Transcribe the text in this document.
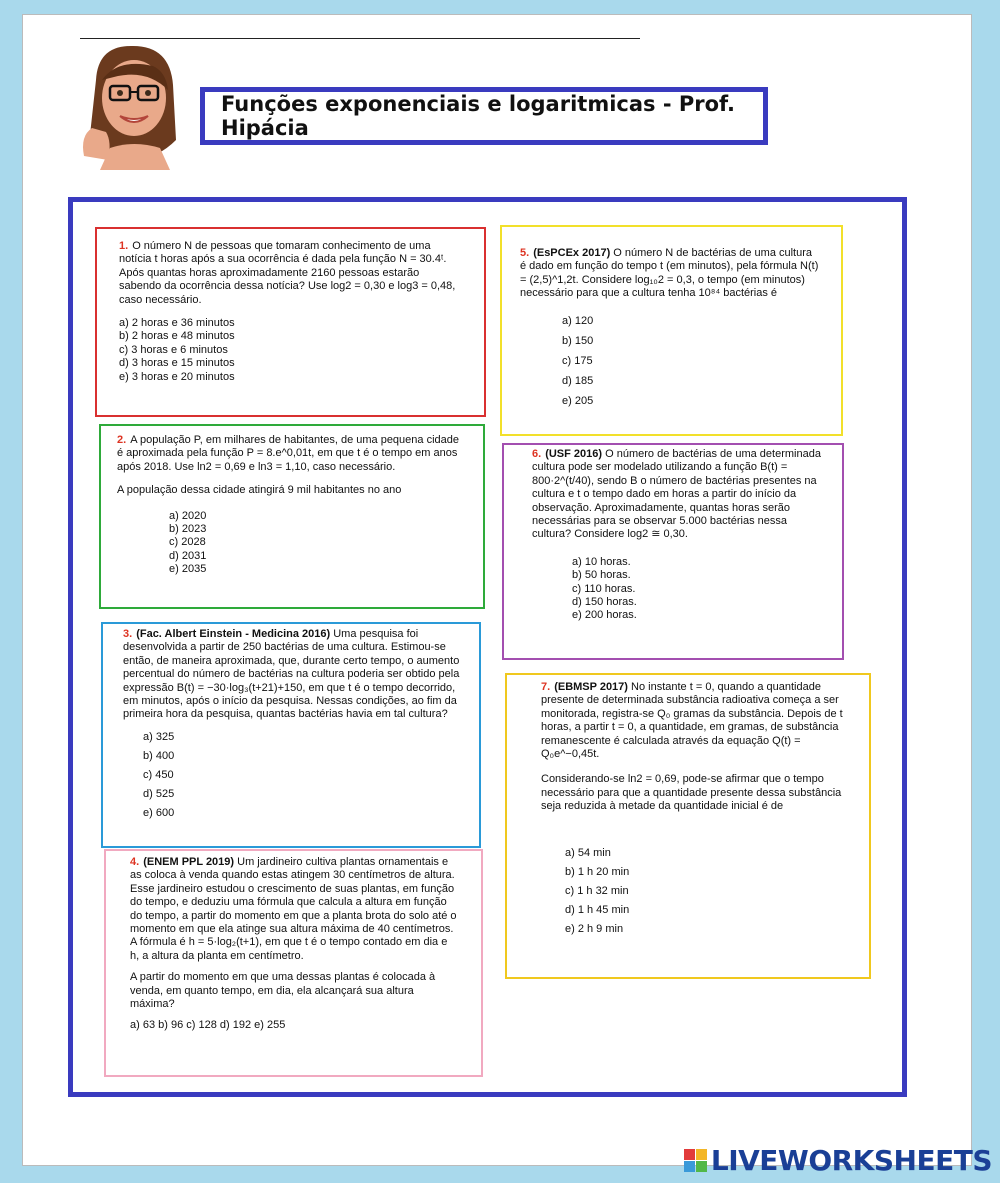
Funções exponenciais e logaritmicas - Prof. Hipácia

1. O número N de pessoas que tomaram conhecimento de uma notícia t horas após a sua ocorrência é dada pela função N = 30.4ᵗ. Após quantas horas aproximadamente 2160 pessoas estarão sabendo da ocorrência dessa notícia? Use log2 = 0,30 e log3 = 0,48, caso necessário.

a) 2 horas e 36 minutos
b) 2 horas e 48 minutos
c) 3 horas e 6 minutos
d) 3 horas e 15 minutos
e) 3 horas e 20 minutos

2. A população P, em milhares de habitantes, de uma pequena cidade é aproximada pela função P = 8.e^0,01t, em que t é o tempo em anos após 2018. Use ln2 = 0,69 e ln3 = 1,10, caso necessário.

A população dessa cidade atingirá 9 mil habitantes no ano

a) 2020
b) 2023
c) 2028
d) 2031
e) 2035

3. (Fac. Albert Einstein - Medicina 2016) Uma pesquisa foi desenvolvida a partir de 250 bactérias de uma cultura. Estimou-se então, de maneira aproximada, que, durante certo tempo, o aumento percentual do número de bactérias na cultura poderia ser obtido pela expressão B(t) = −30·log₃(t+21)+150, em que t é o tempo decorrido, em minutos, após o início da pesquisa. Nessas condições, ao fim da primeira hora da pesquisa, quantas bactérias havia em tal cultura?

a) 325
b) 400
c) 450
d) 525
e) 600

4. (ENEM PPL 2019) Um jardineiro cultiva plantas ornamentais e as coloca à venda quando estas atingem 30 centímetros de altura. Esse jardineiro estudou o crescimento de suas plantas, em função do tempo, e deduziu uma fórmula que calcula a altura em função do tempo, a partir do momento em que a planta brota do solo até o momento em que ela atinge sua altura máxima de 40 centímetros. A fórmula é h = 5·log₂(t+1), em que t é o tempo contado em dia e h, a altura da planta em centímetro.

A partir do momento em que uma dessas plantas é colocada à venda, em quanto tempo, em dia, ela alcançará sua altura máxima?

a) 63 b) 96 c) 128 d) 192 e) 255

5. (EsPCEx 2017) O número N de bactérias de uma cultura é dado em função do tempo t (em minutos), pela fórmula N(t) = (2,5)^1,2t. Considere log₁₀2 = 0,3, o tempo (em minutos) necessário para que a cultura tenha 10⁸⁴ bactérias é

a) 120
b) 150
c) 175
d) 185
e) 205

6. (USF 2016) O número de bactérias de uma determinada cultura pode ser modelado utilizando a função B(t) = 800·2^(t/40), sendo B o número de bactérias presentes na cultura e t o tempo dado em horas a partir do início da observação. Aproximadamente, quantas horas serão necessárias para se observar 5.000 bactérias nessa cultura? Considere log2 ≅ 0,30.

a) 10 horas.
b) 50 horas.
c) 110 horas.
d) 150 horas.
e) 200 horas.

7. (EBMSP 2017) No instante t = 0, quando a quantidade presente de determinada substância radioativa começa a ser monitorada, registra-se Q₀ gramas da substância. Depois de t horas, a partir t = 0, a quantidade, em gramas, de substância remanescente é calculada através da equação Q(t) = Q₀e^−0,45t.

Considerando-se ln2 = 0,69, pode-se afirmar que o tempo necessário para que a quantidade presente dessa substância seja reduzida à metade da quantidade inicial é de

a) 54 min
b) 1 h 20 min
c) 1 h 32 min
d) 1 h 45 min
e) 2 h 9 min
LIVEWORKSHEETS
